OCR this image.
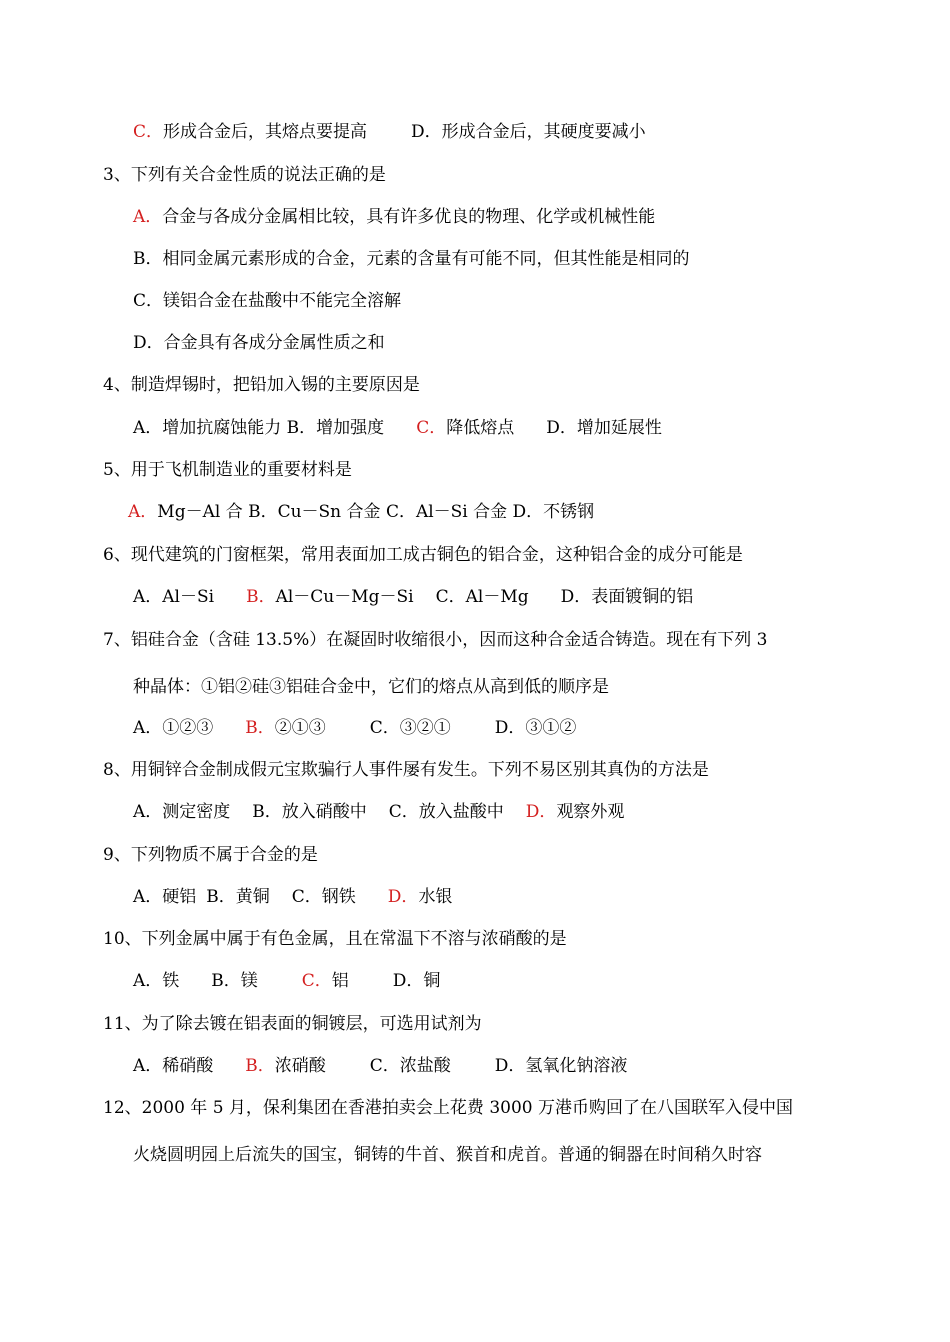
C．形成合金后，其熔点要提高	D．形成合金后，其硬度要减小
3、下列有关合金性质的说法正确的是
A．合金与各成分金属相比较，具有许多优良的物理、化学或机械性能
B．相同金属元素形成的合金，元素的含量有可能不同，但其性能是相同的
C．镁铝合金在盐酸中不能完全溶解
D．合金具有各成分金属性质之和
4、制造焊锡时，把铅加入锡的主要原因是
A．增加抗腐蚀能力 B．增加强度 C．降低熔点 D．增加延展性
5、用于飞机制造业的重要材料是
A．Mg－Al 合 B．Cu－Sn 合金 C．Al－Si 合金 D．不锈钢
6、现代建筑的门窗框架，常用表面加工成古铜色的铝合金，这种铝合金的成分可能是
A．Al－Si B．Al－Cu－Mg－Si C．Al－Mg D．表面镀铜的铝
7、铝硅合金（含硅 13.5%）在凝固时收缩很小，因而这种合金适合铸造。现在有下列 3
种晶体：①铝②硅③铝硅合金中，它们的熔点从高到低的顺序是
A．①②③ B．②①③	C．③②①	D．③①②
8、用铜锌合金制成假元宝欺骗行人事件屡有发生。下列不易区别其真伪的方法是
A．测定密度 B．放入硝酸中 C．放入盐酸中 D．观察外观
9、下列物质不属于合金的是
A．硬铝 B．黄铜 C．钢铁 D．水银
10、下列金属中属于有色金属，且在常温下不溶与浓硝酸的是
A．铁 B．镁	C．铝	D．铜
11、为了除去镀在铝表面的铜镀层，可选用试剂为
A．稀硝酸 B．浓硝酸	C．浓盐酸	D．氢氧化钠溶液
12、2000 年 5 月，保利集团在香港拍卖会上花费 3000 万港币购回了在八国联军入侵中国
火烧圆明园上后流失的国宝，铜铸的牛首、猴首和虎首。普通的铜器在时间稍久时容
